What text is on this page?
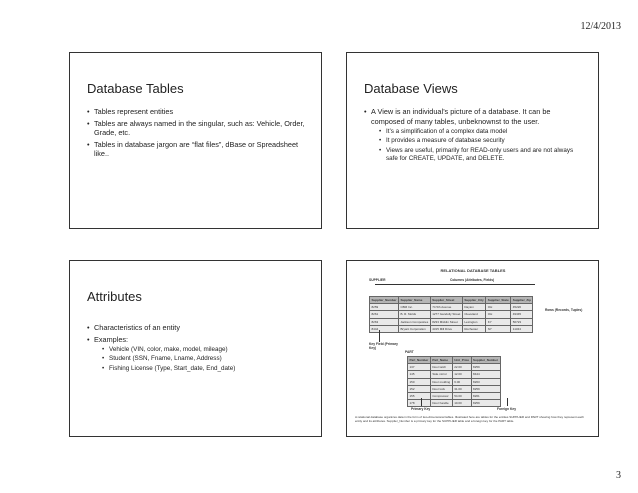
12/4/2013
Database Tables
• Tables represent entities
• Tables are always named in the singular, such as: Vehicle, Order, Grade, etc.
• Tables in database jargon are “flat files”, dBase or Spreadsheet like..
Database Views
• A View is an individual’s picture of a database. It can be composed of many tables, unbeknownst to the user.
• It’s a simplification of a complex data model
• It provides a measure of database security
• Views are useful, primarily for READ-only users and are not always safe for CREATE, UPDATE, and DELETE.
Attributes
• Characteristics of an entity
• Examples:
• Vehicle (VIN, color, make, model, mileage)
• Student (SSN, Fname, Lname, Address)
• Fishing License (Type, Start_date, End_date)
RELATIONAL DATABASE TABLES
SUPPLIER	Columns (Attributes, Fields)
Supplier_Number	Supplier_Name	Supplier_Street	Supplier_City	Supplier_State	Supplier_Zip
8259	CBM Inc.	74 5th Avenue	Dayton	OH	45220
8261	B. R. Molds	1277 Gandolly Street	Cleveland	OH	49345
8263	Jackson Composites	8233 Micklin Street	Lexington	KY	56723
8444	Bryant Corporation	4315 Mill Drive	Rochester	NY	11344
Rows (Records, Tuples)
Key Field (Primary Key)
PART
Part_Number	Part_Name	Unit_Price	Supplier_Number
137	Door latch	22.00	8259
145	Side mirror	12.00	8444
150	Door molding	6.00	8263
152	Door lock	31.00	8259
155	Compressor	54.00	8261
178	Door handle	10.00	8259
Primary Key	Foreign Key
A relational database organizes data in the form of two-dimensional tables. Illustrated here are tables for the entities SUPPLIER and PART showing how they represent each entity and its attributes. Supplier_Number is a primary key for the SUPPLIER table and a foreign key for the PART table.
3
